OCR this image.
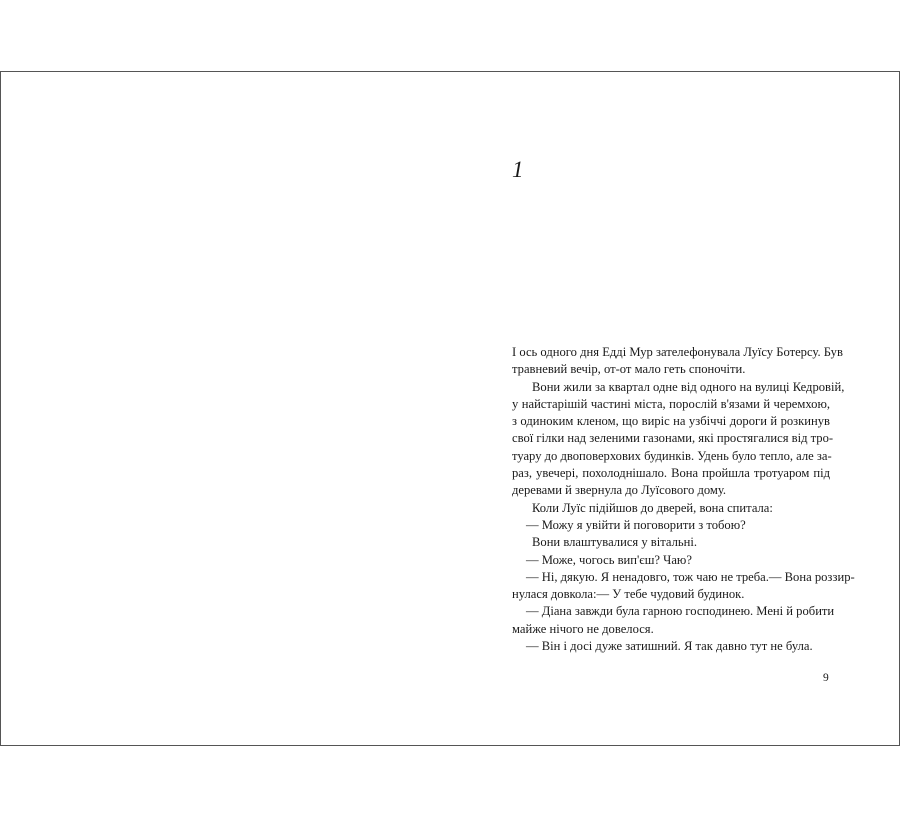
1
І ось одного дня Едді Мур зателефонувала Луїсу Ботерсу. Був
травневий вечір, от-от мало геть споночіти.
Вони жили за квартал одне від одного на вулиці Кедровій,
у найстарішій частині міста, порослій в'язами й черемхою,
з одиноким кленом, що виріс на узбіччі дороги й розкинув
свої гілки над зеленими газонами, які простягалися від тро-
туару до двоповерхових будинків. Удень було тепло, але за-
раз, увечері, похолоднішало. Вона пройшла тротуаром під
деревами й звернула до Луїсового дому.
Коли Луїс підійшов до дверей, вона спитала:
— Можу я увійти й поговорити з тобою?
Вони влаштувалися у вітальні.
— Може, чогось вип'єш? Чаю?
— Ні, дякую. Я ненадовго, тож чаю не треба.— Вона роззир-
нулася довкола:— У тебе чудовий будинок.
— Діана завжди була гарною господинею. Мені й робити
майже нічого не довелося.
— Він і досі дуже затишний. Я так давно тут не була.
9
